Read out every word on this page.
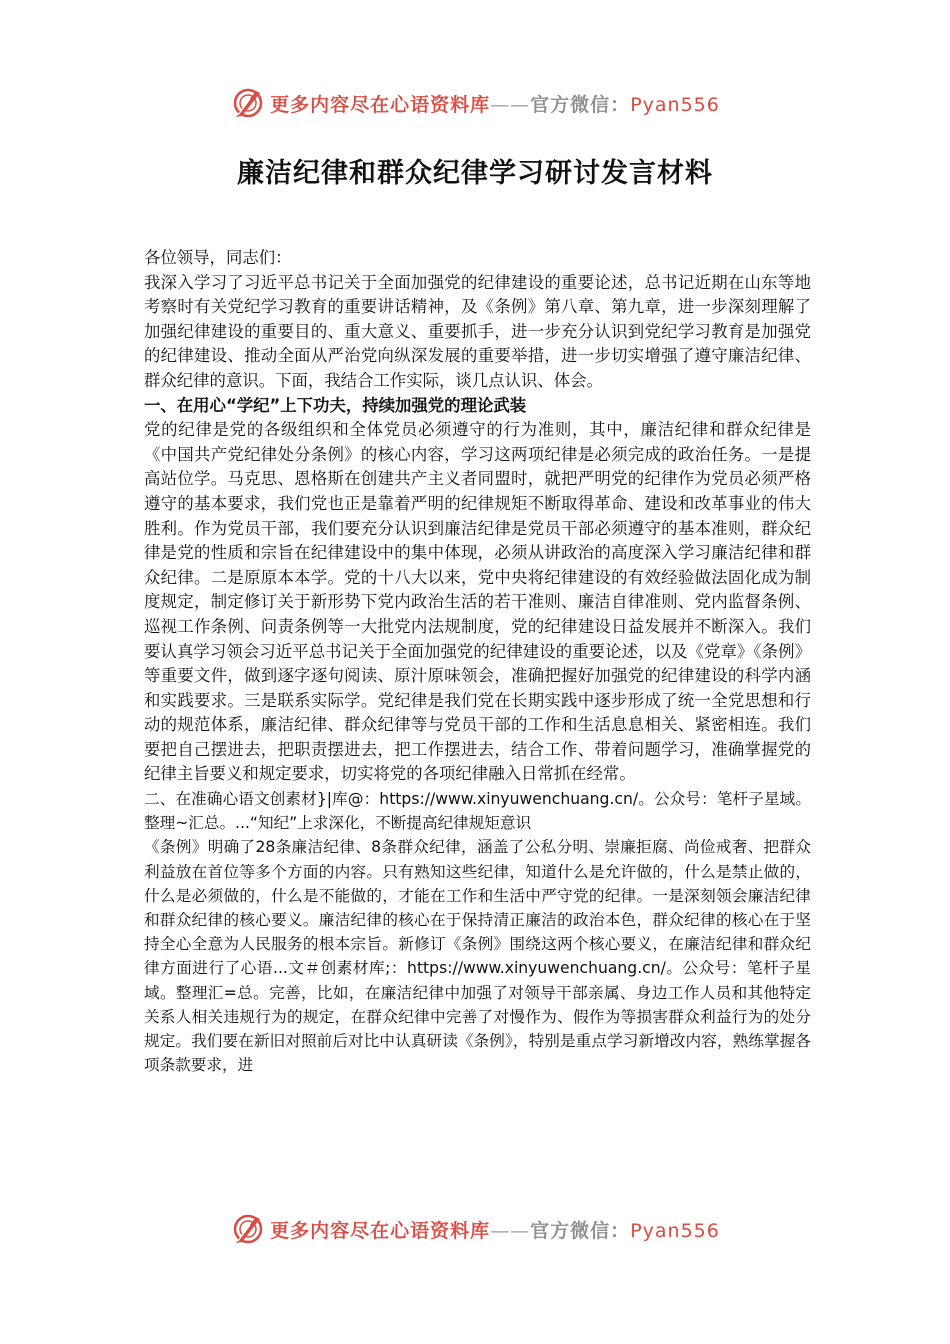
更多内容尽在心语资料库——官方微信：Pyan556
廉洁纪律和群众纪律学习研讨发言材料

各位领导，同志们：

我深入学习了习近平总书记关于全面加强党的纪律建设的重要论述，总书记近期在山东等地考察时有关党纪学习教育的重要讲话精神，及《条例》第八章、第九章，进一步深刻理解了加强纪律建设的重要目的、重大意义、重要抓手，进一步充分认识到党纪学习教育是加强党的纪律建设、推动全面从严治党向纵深发展的重要举措，进一步切实增强了遵守廉洁纪律、群众纪律的意识。下面，我结合工作实际，谈几点认识、体会。

一、在用心“学纪”上下功夫，持续加强党的理论武装

党的纪律是党的各级组织和全体党员必须遵守的行为准则，其中，廉洁纪律和群众纪律是《中国共产党纪律处分条例》的核心内容，学习这两项纪律是必须完成的政治任务。一是提高站位学。马克思、恩格斯在创建共产主义者同盟时，就把严明党的纪律作为党员必须严格遵守的基本要求，我们党也正是靠着严明的纪律规矩不断取得革命、建设和改革事业的伟大胜利。作为党员干部，我们要充分认识到廉洁纪律是党员干部必须遵守的基本准则，群众纪律是党的性质和宗旨在纪律建设中的集中体现，必须从讲政治的高度深入学习廉洁纪律和群众纪律。二是原原本本学。党的十八大以来，党中央将纪律建设的有效经验做法固化成为制度规定，制定修订关于新形势下党内政治生活的若干准则、廉洁自律准则、党内监督条例、巡视工作条例、问责条例等一大批党内法规制度，党的纪律建设日益发展并不断深入。我们要认真学习领会习近平总书记关于全面加强党的纪律建设的重要论述，以及《党章》《条例》等重要文件，做到逐字逐句阅读、原汁原味领会，准确把握好加强党的纪律建设的科学内涵和实践要求。三是联系实际学。党纪律是我们党在长期实践中逐步形成了统一全党思想和行动的规范体系，廉洁纪律、群众纪律等与党员干部的工作和生活息息相关、紧密相连。我们要把自己摆进去，把职责摆进去，把工作摆进去，结合工作、带着问题学习，准确掌握党的纪律主旨要义和规定要求，切实将党的各项纪律融入日常抓在经常。

二、在准确心语文创素材}|库@：https://www.xinyuwenchuang.cn/。公众号：笔杆子星域。整理~汇总。...“知纪”上求深化，不断提高纪律规矩意识

《条例》明确了28条廉洁纪律、8条群众纪律，涵盖了公私分明、崇廉拒腐、尚俭戒奢、把群众利益放在首位等多个方面的内容。只有熟知这些纪律，知道什么是允许做的，什么是禁止做的，什么是必须做的，什么是不能做的，才能在工作和生活中严守党的纪律。一是深刻领会廉洁纪律和群众纪律的核心要义。廉洁纪律的核心在于保持清正廉洁的政治本色，群众纪律的核心在于坚持全心全意为人民服务的根本宗旨。新修订《条例》围绕这两个核心要义，在廉洁纪律和群众纪律方面进行了心语...文＃创素材库;：https://www.xinyuwenchuang.cn/。公众号：笔杆子星域。整理汇=总。完善，比如，在廉洁纪律中加强了对领导干部亲属、身边工作人员和其他特定关系人相关违规行为的规定，在群众纪律中完善了对慢作为、假作为等损害群众利益行为的处分规定。我们要在新旧对照前后对比中认真研读《条例》，特别是重点学习新增改内容，熟练掌握各项条款要求，进

更多内容尽在心语资料库——官方微信：Pyan556
